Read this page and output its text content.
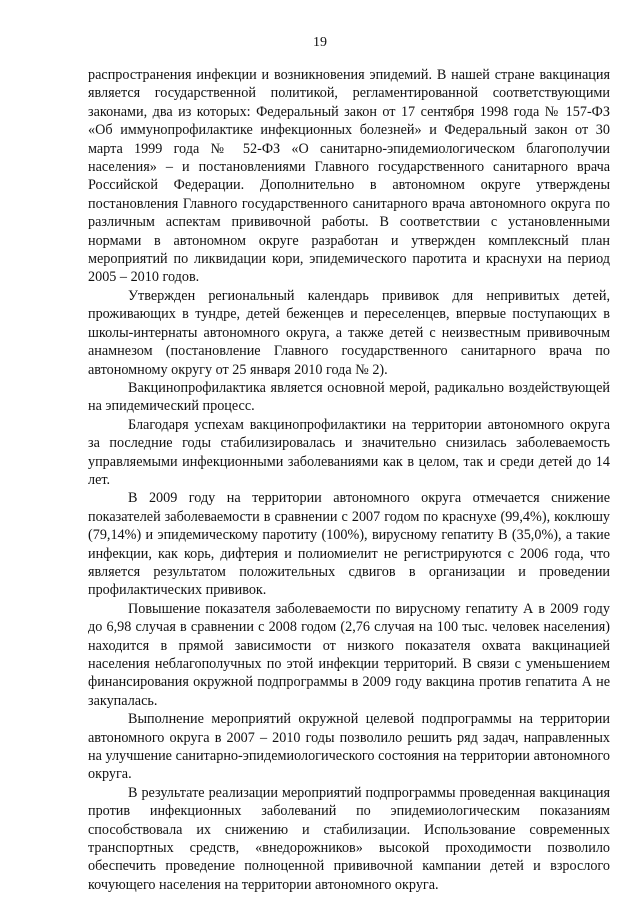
19

распространения инфекции и возникновения эпидемий. В нашей стране вакцинация является государственной политикой, регламентированной соответствующими законами, два из которых: Федеральный закон от 17 сентября 1998 года № 157-ФЗ «Об иммунопрофилактике инфекционных болезней» и Федеральный закон от 30 марта 1999 года № 52-ФЗ «О санитарно-эпидемиологическом благополучии населения» – и постановлениями Главного государственного санитарного врача Российской Федерации. Дополнительно в автономном округе утверждены постановления Главного государственного санитарного врача автономного округа по различным аспектам прививочной работы. В соответствии с установленными нормами в автономном округе разработан и утвержден комплексный план мероприятий по ликвидации кори, эпидемического паротита и краснухи на период 2005 – 2010 годов.

Утвержден региональный календарь прививок для непривитых детей, проживающих в тундре, детей беженцев и переселенцев, впервые поступающих в школы-интернаты автономного округа, а также детей с неизвестным прививочным анамнезом (постановление Главного государственного санитарного врача по автономному округу от 25 января 2010 года № 2).

Вакцинопрофилактика является основной мерой, радикально воздействующей на эпидемический процесс.

Благодаря успехам вакцинопрофилактики на территории автономного округа за последние годы стабилизировалась и значительно снизилась заболеваемость управляемыми инфекционными заболеваниями как в целом, так и среди детей до 14 лет.

В 2009 году на территории автономного округа отмечается снижение показателей заболеваемости в сравнении с 2007 годом по краснухе (99,4%), коклюшу (79,14%) и эпидемическому паротиту (100%), вирусному гепатиту В (35,0%), а такие инфекции, как корь, дифтерия и полиомиелит не регистрируются с 2006 года, что является результатом положительных сдвигов в организации и проведении профилактических прививок.

Повышение показателя заболеваемости по вирусному гепатиту А в 2009 году до 6,98 случая в сравнении с 2008 годом (2,76 случая на 100 тыс. человек населения) находится в прямой зависимости от низкого показателя охвата вакцинацией населения неблагополучных по этой инфекции территорий. В связи с уменьшением финансирования окружной подпрограммы в 2009 году вакцина против гепатита А не закупалась.

Выполнение мероприятий окружной целевой подпрограммы на территории автономного округа в 2007 – 2010 годы позволило решить ряд задач, направленных на улучшение санитарно-эпидемиологического состояния на территории автономного округа.

В результате реализации мероприятий подпрограммы проведенная вакцинация против инфекционных заболеваний по эпидемиологическим показаниям способствовала их снижению и стабилизации. Использование современных транспортных средств, «внедорожников» высокой проходимости позволило обеспечить проведение полноценной прививочной кампании детей и взрослого кочующего населения на территории автономного округа.
